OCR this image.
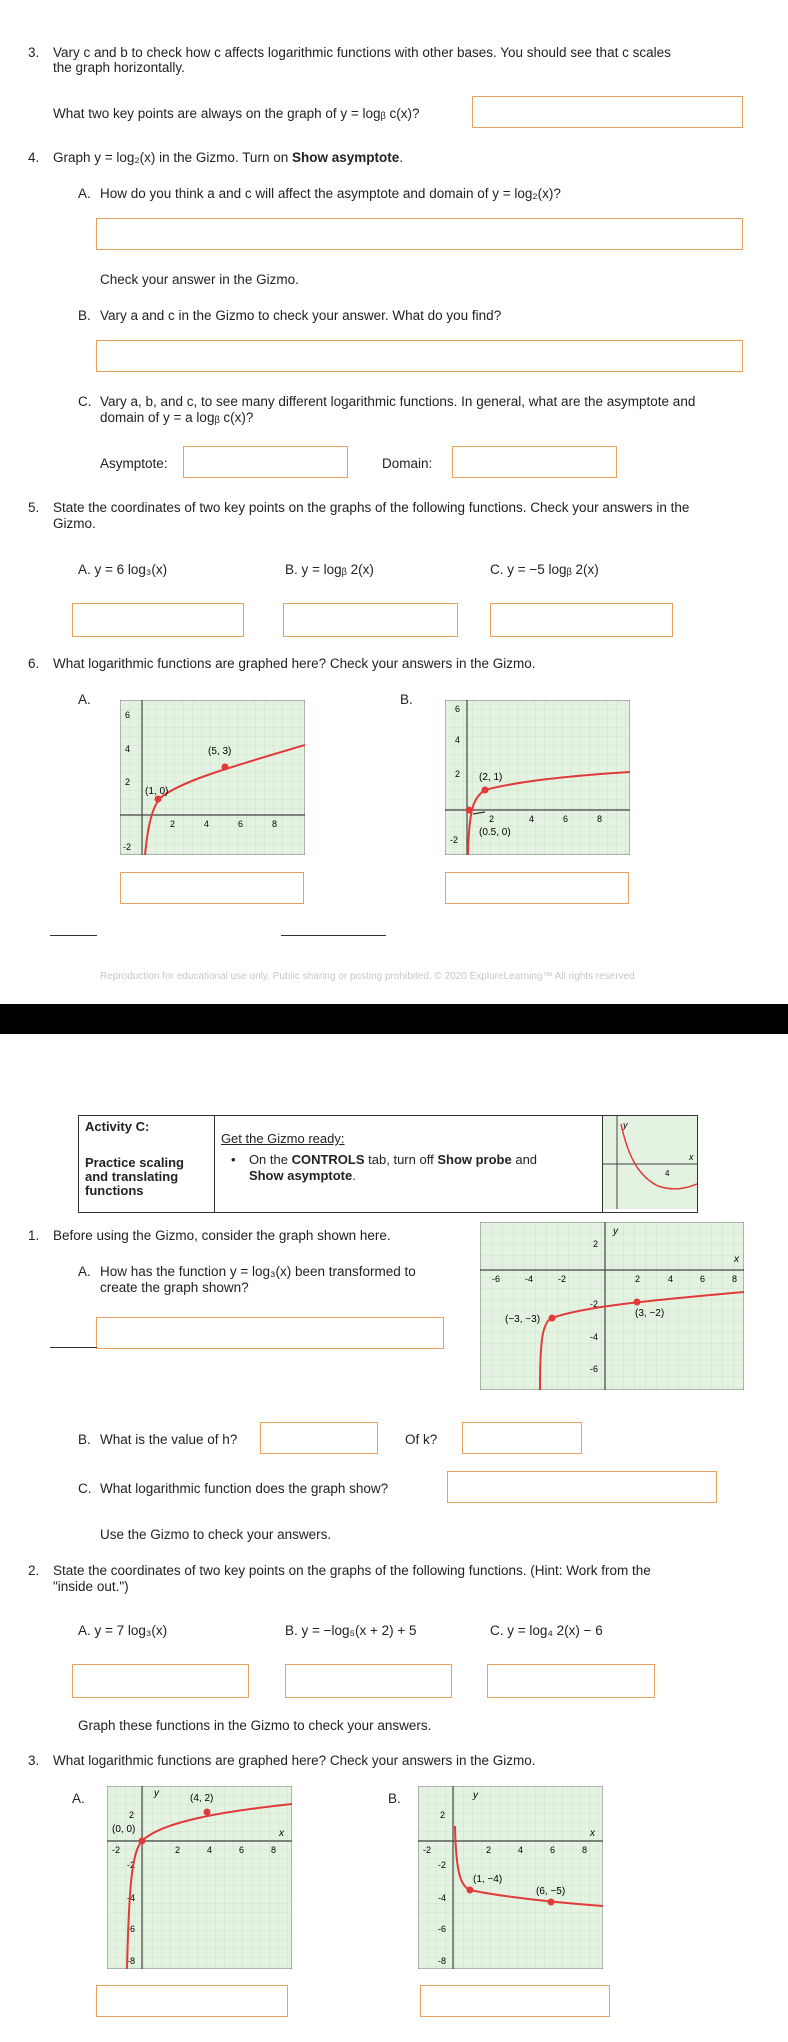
3. Vary c and b to check how c affects logarithmic functions with other bases. You should see that c scales
the graph horizontally.
What two key points are always on the graph of y = logᵦ c(x)?
4. Graph y = log₂(x) in the Gizmo. Turn on Show asymptote.
A. How do you think a and c will affect the asymptote and domain of y = log₂(x)?
Check your answer in the Gizmo.
B. Vary a and c in the Gizmo to check your answer. What do you find?
C. Vary a, b, and c, to see many different logarithmic functions. In general, what are the asymptote and
domain of y = a logᵦ c(x)?
Asymptote:	Domain:
5. State the coordinates of two key points on the graphs of the following functions. Check your answers in the
Gizmo.
A. y = 6 log₃(x)	B. y = logᵦ 2(x)	C. y = −5 logᵦ 2(x)
6. What logarithmic functions are graphed here? Check your answers in the Gizmo.
A.	B.
6
4
2
-2
2	4	6	8
(5, 3)
(1, 0)
6
4
2
-2
2	4	6	8
(2, 1)
(0.5, 0)
Reproduction for educational use only. Public sharing or posting prohibited. © 2020 ExploreLearning™ All rights reserved
Activity C:
Practice scaling
and translating
functions

Get the Gizmo ready:
• On the CONTROLS tab, turn off Show probe and
Show asymptote.

y
x
4
1. Before using the Gizmo, consider the graph shown here.
A. How has the function y = log₃(x) been transformed to
create the graph shown?
y
x
2
-2
-4
-6
-6	-4	-2	2	4	6	8
(−3, −3)
(3, −2)
B. What is the value of h?	Of k?
C. What logarithmic function does the graph show?
Use the Gizmo to check your answers.
2. State the coordinates of two key points on the graphs of the following functions. (Hint: Work from the
"inside out.")
A. y = 7 log₃(x)	B. y = −log₅(x + 2) + 5	C. y = log₄ 2(x) − 6
Graph these functions in the Gizmo to check your answers.
3. What logarithmic functions are graphed here? Check your answers in the Gizmo.
A.	B.
y
x
2
-2
-4
-6
-8
-2	2	4	6	8
(4, 2)
(0, 0)
y
x
2
-2
-4
-6
-8
-2	2	4	6	8
(1, −4)
(6, −5)
